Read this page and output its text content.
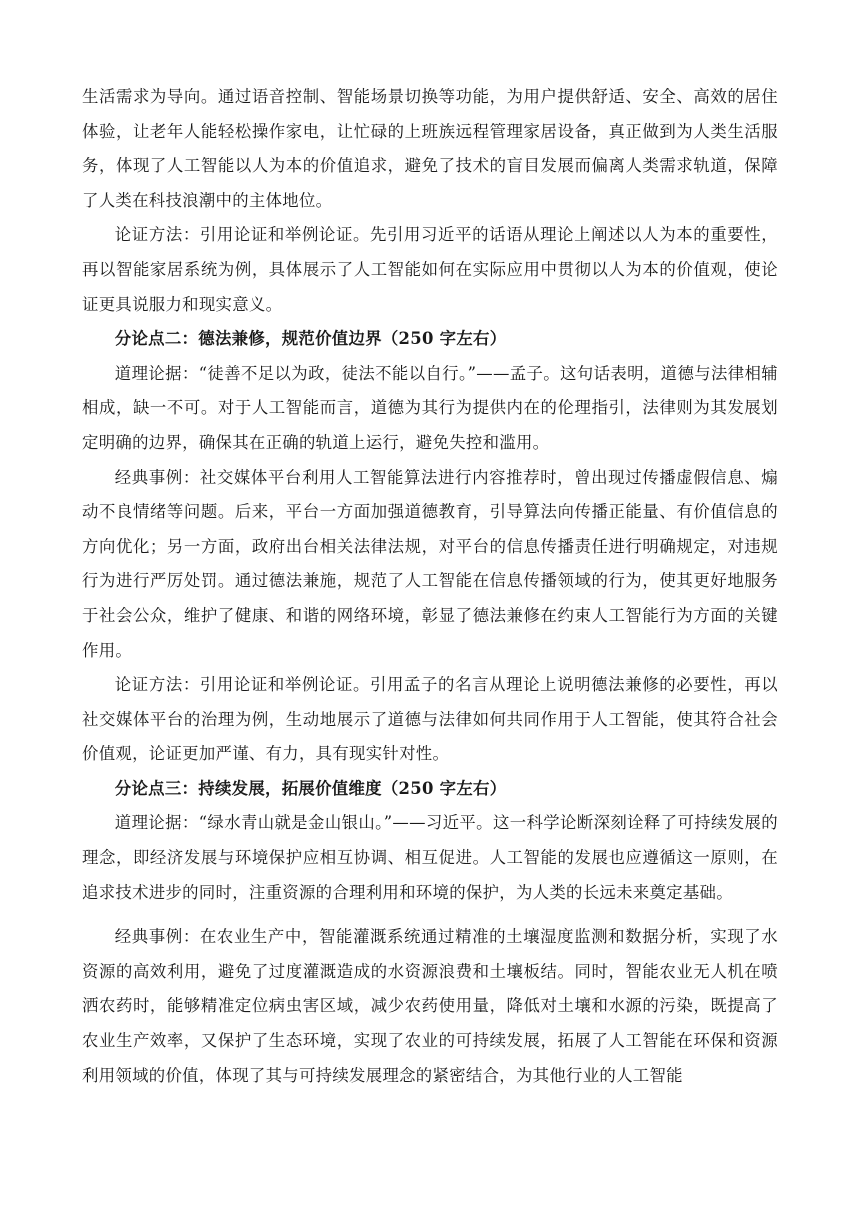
生活需求为导向。通过语音控制、智能场景切换等功能，为用户提供舒适、安全、高效的居住体验，让老年人能轻松操作家电，让忙碌的上班族远程管理家居设备，真正做到为人类生活服务，体现了人工智能以人为本的价值追求，避免了技术的盲目发展而偏离人类需求轨道，保障了人类在科技浪潮中的主体地位。

论证方法：引用论证和举例论证。先引用习近平的话语从理论上阐述以人为本的重要性，再以智能家居系统为例，具体展示了人工智能如何在实际应用中贯彻以人为本的价值观，使论证更具说服力和现实意义。

分论点二：德法兼修，规范价值边界（250 字左右）

道理论据：“徒善不足以为政，徒法不能以自行。”——孟子。这句话表明，道德与法律相辅相成，缺一不可。对于人工智能而言，道德为其行为提供内在的伦理指引，法律则为其发展划定明确的边界，确保其在正确的轨道上运行，避免失控和滥用。

经典事例：社交媒体平台利用人工智能算法进行内容推荐时，曾出现过传播虚假信息、煽动不良情绪等问题。后来，平台一方面加强道德教育，引导算法向传播正能量、有价值信息的方向优化；另一方面，政府出台相关法律法规，对平台的信息传播责任进行明确规定，对违规行为进行严厉处罚。通过德法兼施，规范了人工智能在信息传播领域的行为，使其更好地服务于社会公众，维护了健康、和谐的网络环境，彰显了德法兼修在约束人工智能行为方面的关键作用。

论证方法：引用论证和举例论证。引用孟子的名言从理论上说明德法兼修的必要性，再以社交媒体平台的治理为例，生动地展示了道德与法律如何共同作用于人工智能，使其符合社会价值观，论证更加严谨、有力，具有现实针对性。

分论点三：持续发展，拓展价值维度（250 字左右）

道理论据：“绿水青山就是金山银山。”——习近平。这一科学论断深刻诠释了可持续发展的理念，即经济发展与环境保护应相互协调、相互促进。人工智能的发展也应遵循这一原则，在追求技术进步的同时，注重资源的合理利用和环境的保护，为人类的长远未来奠定基础。

经典事例：在农业生产中，智能灌溉系统通过精准的土壤湿度监测和数据分析，实现了水资源的高效利用，避免了过度灌溉造成的水资源浪费和土壤板结。同时，智能农业无人机在喷洒农药时，能够精准定位病虫害区域，减少农药使用量，降低对土壤和水源的污染，既提高了农业生产效率，又保护了生态环境，实现了农业的可持续发展，拓展了人工智能在环保和资源利用领域的价值，体现了其与可持续发展理念的紧密结合，为其他行业的人工智能
